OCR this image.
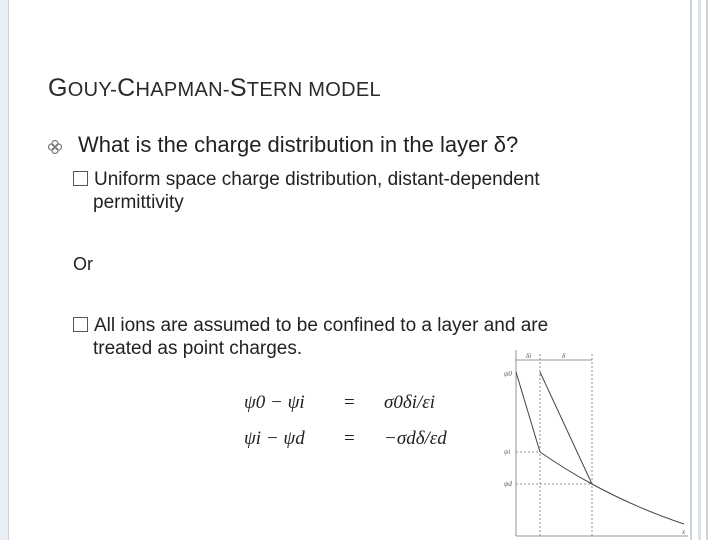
GOUY-CHAPMAN-STERN MODEL
What is the charge distribution in the layer δ?
Uniform space charge distribution, distant-dependent
permittivity
Or
All ions are assumed to be confined to a layer and are
treated as point charges.
ψ0 − ψi = σ0δi/εi
ψi − ψd = −σdδ/εd
δi	δ
ψ0
ψi
ψd
x
